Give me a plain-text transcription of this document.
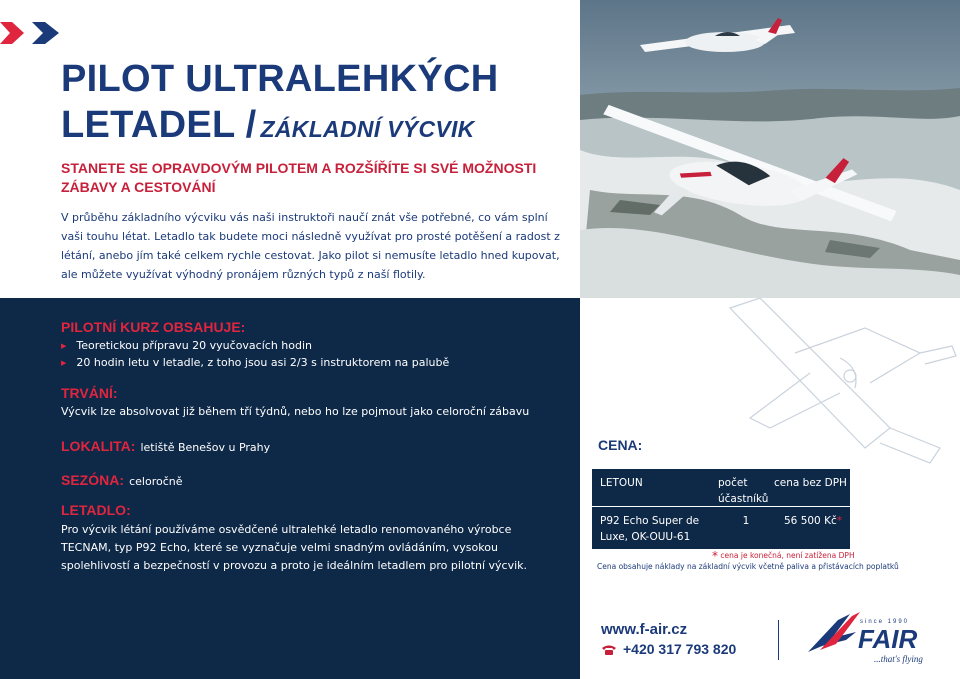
PILOT ULTRALEHKÝCH
LETADEL / ZÁKLADNÍ VÝCVIK
STANETE SE OPRAVDOVÝM PILOTEM A ROZŠÍŘÍTE SI SVÉ MOŽNOSTI ZÁBAVY A CESTOVÁNÍ
V průběhu základního výcviku vás naši instruktoři naučí znát vše potřebné, co vám splní vaši touhu létat. Letadlo tak budete moci následně využívat pro prosté potěšení a radost z létání, anebo jím také celkem rychle cestovat. Jako pilot si nemusíte letadlo hned kupovat, ale můžete využívat výhodný pronájem různých typů z naší flotily.
PILOTNÍ KURZ OBSAHUJE:
▶ Teoretickou přípravu 20 vyučovacích hodin
▶ 20 hodin letu v letadle, z toho jsou asi 2/3 s instruktorem na palubě
TRVÁNÍ:
Výcvik lze absolvovat již během tří týdnů, nebo ho lze pojmout jako celoroční zábavu
LOKALITA: letiště Benešov u Prahy
SEZÓNA: celoročně
LETADLO:
Pro výcvik létání používáme osvědčené ultralehké letadlo renomovaného výrobce
TECNAM, typ P92 Echo, které se vyznačuje velmi snadným ovládáním, vysokou
spolehlivostí a bezpečností v provozu a proto je ideálním letadlem pro pilotní výcvik.
CENA:
LETOUN	počet účastníků
cena bez DPH
P92 Echo Super de Luxe, OK-OUU-61
1	56 500 Kč*
* cena je konečná, není zatížena DPH
Cena obsahuje náklady na základní výcvik včetně paliva a přistávacích poplatků
www.f-air.cz
+420 317 793 820
since 1990
FAIR
...that's flying
